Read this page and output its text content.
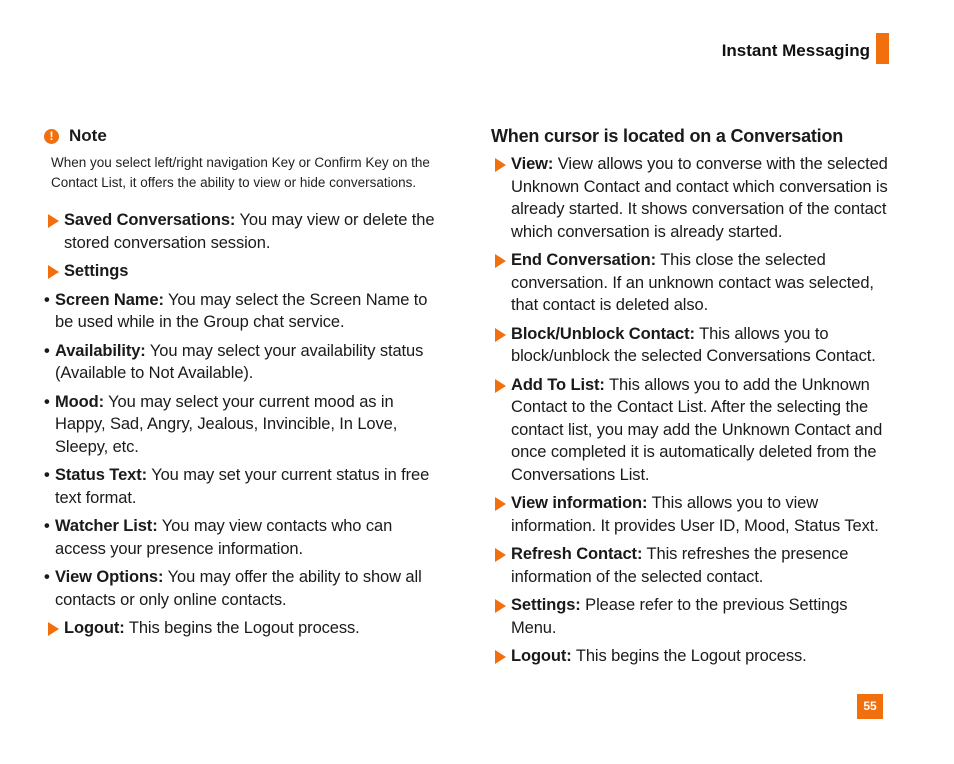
Instant Messaging
! Note
When you select left/right navigation Key or Confirm Key on the Contact List, it offers the ability to view or hide conversations.
Saved Conversations: You may view or delete the stored conversation session.
Settings
• Screen Name: You may select the Screen Name to be used while in the Group chat service.
• Availability: You may select your availability status (Available to Not Available).
• Mood: You may select your current mood as in Happy, Sad, Angry, Jealous, Invincible, In Love, Sleepy, etc.
• Status Text: You may set your current status in free text format.
• Watcher List: You may view contacts who can access your presence information.
• View Options: You may offer the ability to show all contacts or only online contacts.
Logout: This begins the Logout process.
When cursor is located on a Conversation
View: View allows you to converse with the selected Unknown Contact and contact which conversation is already started. It shows conversation of the contact which conversation is already started.
End Conversation: This close the selected conversation. If an unknown contact was selected, that contact is deleted also.
Block/Unblock Contact: This allows you to block/unblock the selected Conversations Contact.
Add To List: This allows you to add the Unknown Contact to the Contact List. After the selecting the contact list, you may add the Unknown Contact and once completed it is automatically deleted from the Conversations List.
View information: This allows you to view information. It provides User ID, Mood, Status Text.
Refresh Contact: This refreshes the presence information of the selected contact.
Settings: Please refer to the previous Settings Menu.
Logout: This begins the Logout process.
55
